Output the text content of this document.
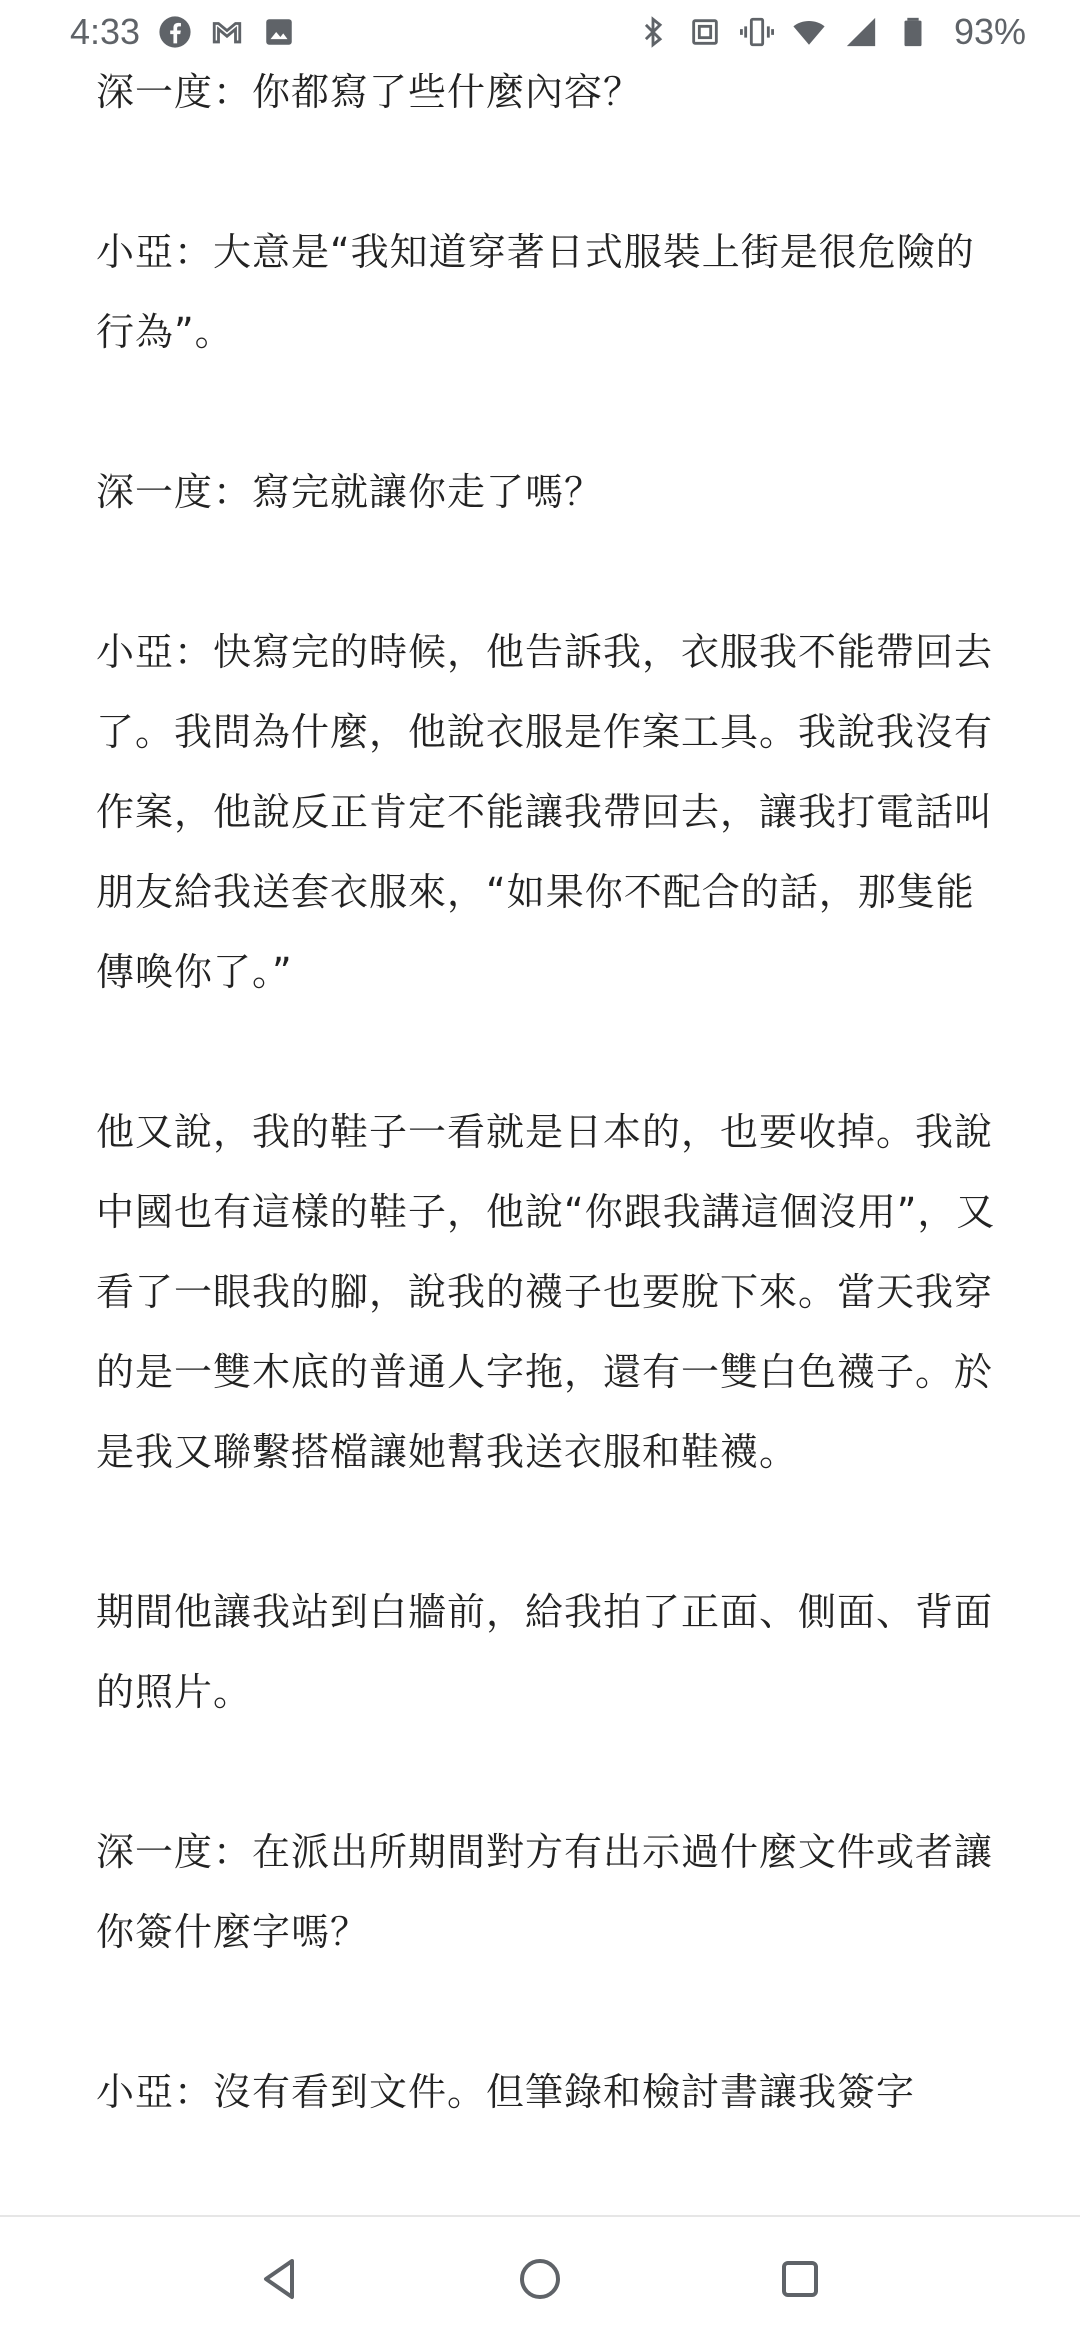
4:33	93%

深一度：你都寫了些什麼內容？

小亞：大意是“我知道穿著日式服裝上街是很危險的行為”。

深一度：寫完就讓你走了嗎？

小亞：快寫完的時候，他告訴我，衣服我不能帶回去了。我問為什麼，他說衣服是作案工具。我說我沒有作案，他說反正肯定不能讓我帶回去，讓我打電話叫朋友給我送套衣服來，“如果你不配合的話，那隻能傳喚你了。”

他又說，我的鞋子一看就是日本的，也要收掉。我說中國也有這樣的鞋子，他說“你跟我講這個沒用”，又看了一眼我的腳，說我的襪子也要脫下來。當天我穿的是一雙木底的普通人字拖，還有一雙白色襪子。於是我又聯繫搭檔讓她幫我送衣服和鞋襪。

期間他讓我站到白牆前，給我拍了正面、側面、背面的照片。

深一度：在派出所期間對方有出示過什麼文件或者讓你簽什麼字嗎？

小亞：沒有看到文件。但筆錄和檢討書讓我簽字
